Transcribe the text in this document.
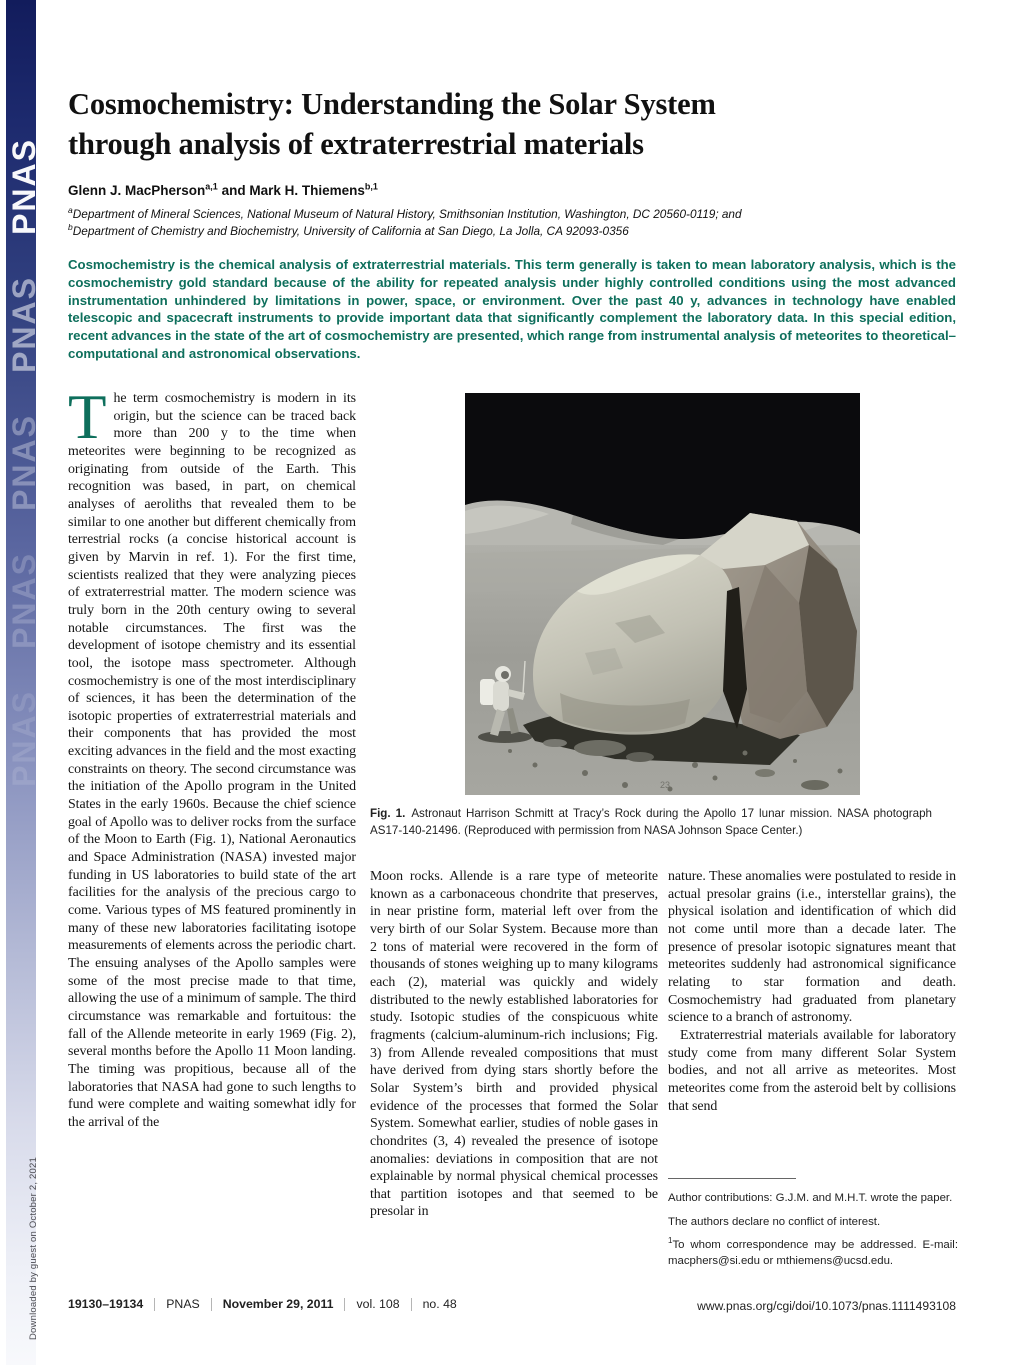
PNAS
PNAS
PNAS
PNAS
PNAS
Downloaded by guest on October 2, 2021
Cosmochemistry: Understanding the Solar System
through analysis of extraterrestrial materials
Glenn J. MacPherson$^{a,1}$ and Mark H. Thiemens$^{b,1}$
$^a$Department of Mineral Sciences, National Museum of Natural History, Smithsonian Institution, Washington, DC 20560-0119; and
$^b$Department of Chemistry and Biochemistry, University of California at San Diego, La Jolla, CA 92093-0356
Cosmochemistry is the chemical analysis of extraterrestrial materials. This term generally is taken to mean laboratory analysis, which is the cosmochemistry gold standard because of the ability for repeated analysis under highly controlled conditions using the most advanced instrumentation unhindered by limitations in power, space, or environment. Over the past 40 y, advances in technology have enabled telescopic and spacecraft instruments to provide important data that significantly complement the laboratory data. In this special edition, recent advances in the state of the art of cosmochemistry are presented, which range from instrumental analysis of meteorites to theoretical–computational and astronomical observations.

The term cosmochemistry is modern in its origin, but the science can be traced back more than 200 y to the time when meteorites were beginning to be recognized as originating from outside of the Earth. This recognition was based, in part, on chemical analyses of aeroliths that revealed them to be similar to one another but different chemically from terrestrial rocks (a concise historical account is given by Marvin in ref. 1). For the first time, scientists realized that they were analyzing pieces of extraterrestrial matter. The modern science was truly born in the 20th century owing to several notable circumstances. The first was the development of isotope chemistry and its essential tool, the isotope mass spectrometer. Although cosmochemistry is one of the most interdisciplinary of sciences, it has been the determination of the isotopic properties of extraterrestrial materials and their components that has provided the most exciting advances in the field and the most exacting constraints on theory. The second circumstance was the initiation of the Apollo program in the United States in the early 1960s. Because the chief science goal of Apollo was to deliver rocks from the surface of the Moon to Earth (Fig. 1), National Aeronautics and Space Administration (NASA) invested major funding in US laboratories to build state of the art facilities for the analysis of the precious cargo to come. Various types of MS featured prominently in many of these new laboratories facilitating isotope measurements of elements across the periodic chart. The ensuing analyses of the Apollo samples were some of the most precise made to that time, allowing the use of a minimum of sample. The third circumstance was remarkable and fortuitous: the fall of the Allende meteorite in early 1969 (Fig. 2), several months before the Apollo 11 Moon landing. The timing was propitious, because all of the laboratories that NASA had gone to such lengths to fund were complete and waiting somewhat idly for the arrival of the

23
Fig. 1. Astronaut Harrison Schmitt at Tracy’s Rock during the Apollo 17 lunar mission. NASA photograph AS17-140-21496. (Reproduced with permission from NASA Johnson Space Center.)

Moon rocks. Allende is a rare type of meteorite known as a carbonaceous chondrite that preserves, in near pristine form, material left over from the very birth of our Solar System. Because more than 2 tons of material were recovered in the form of thousands of stones weighing up to many kilograms each (2), material was quickly and widely distributed to the newly established laboratories for study. Isotopic studies of the conspicuous white fragments (calcium-aluminum-rich inclusions; Fig. 3) from Allende revealed compositions that must have derived from dying stars shortly before the Solar System’s birth and provided physical evidence of the processes that formed the Solar System. Somewhat earlier, studies of noble gases in chondrites (3, 4) revealed the presence of isotope anomalies: deviations in composition that are not explainable by normal physical chemical processes that partition isotopes and that seemed to be presolar in

nature. These anomalies were postulated to reside in actual presolar grains (i.e., interstellar grains), the physical isolation and identification of which did not come until more than a decade later. The presence of presolar isotopic signatures meant that meteorites suddenly had astronomical significance relating to star formation and death. Cosmochemistry had graduated from planetary science to a branch of astronomy.

Extraterrestrial materials available for laboratory study come from many different Solar System bodies, and not all arrive as meteorites. Most meteorites come from the asteroid belt by collisions that send

Author contributions: G.J.M. and M.H.T. wrote the paper.

The authors declare no conflict of interest.

$^1$To whom correspondence may be addressed. E-mail: macphers@si.edu or mthiemens@ucsd.edu.

19130–19134 PNAS November 29, 2011 vol. 108 no. 48	www.pnas.org/cgi/doi/10.1073/pnas.1111493108
